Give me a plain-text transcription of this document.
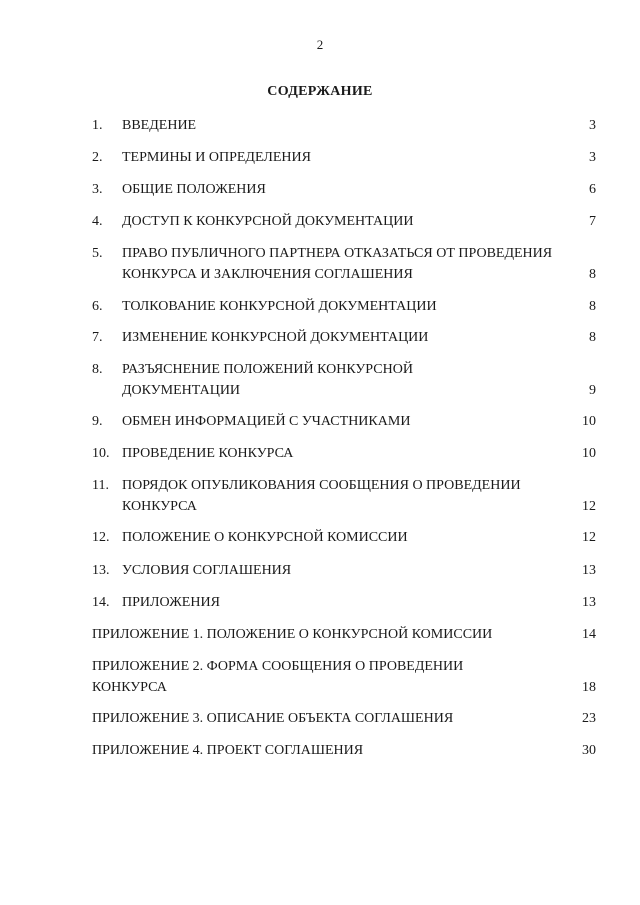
2
СОДЕРЖАНИЕ
1.	ВВЕДЕНИЕ	3
2.	ТЕРМИНЫ И ОПРЕДЕЛЕНИЯ	3
3.	ОБЩИЕ ПОЛОЖЕНИЯ	6
4.	ДОСТУП К КОНКУРСНОЙ ДОКУМЕНТАЦИИ	7
5.	ПРАВО ПУБЛИЧНОГО ПАРТНЕРА ОТКАЗАТЬСЯ ОТ ПРОВЕДЕНИЯ КОНКУРСА И ЗАКЛЮЧЕНИЯ СОГЛАШЕНИЯ	8
6.	ТОЛКОВАНИЕ КОНКУРСНОЙ ДОКУМЕНТАЦИИ	8
7.	ИЗМЕНЕНИЕ КОНКУРСНОЙ ДОКУМЕНТАЦИИ	8
8.	РАЗЪЯСНЕНИЕ ПОЛОЖЕНИЙ КОНКУРСНОЙ ДОКУМЕНТАЦИИ	9
9.	ОБМЕН ИНФОРМАЦИЕЙ С УЧАСТНИКАМИ	10
10. ПРОВЕДЕНИЕ КОНКУРСА	10
11. ПОРЯДОК ОПУБЛИКОВАНИЯ СООБЩЕНИЯ О ПРОВЕДЕНИИ КОНКУРСА	12
12. ПОЛОЖЕНИЕ О КОНКУРСНОЙ КОМИССИИ	12
13. УСЛОВИЯ СОГЛАШЕНИЯ	13
14. ПРИЛОЖЕНИЯ	13
ПРИЛОЖЕНИЕ 1. ПОЛОЖЕНИЕ О КОНКУРСНОЙ КОМИССИИ	14
ПРИЛОЖЕНИЕ 2. ФОРМА СООБЩЕНИЯ О ПРОВЕДЕНИИ КОНКУРСА	18
ПРИЛОЖЕНИЕ 3. ОПИСАНИЕ ОБЪЕКТА СОГЛАШЕНИЯ	23
ПРИЛОЖЕНИЕ 4. ПРОЕКТ СОГЛАШЕНИЯ	30
